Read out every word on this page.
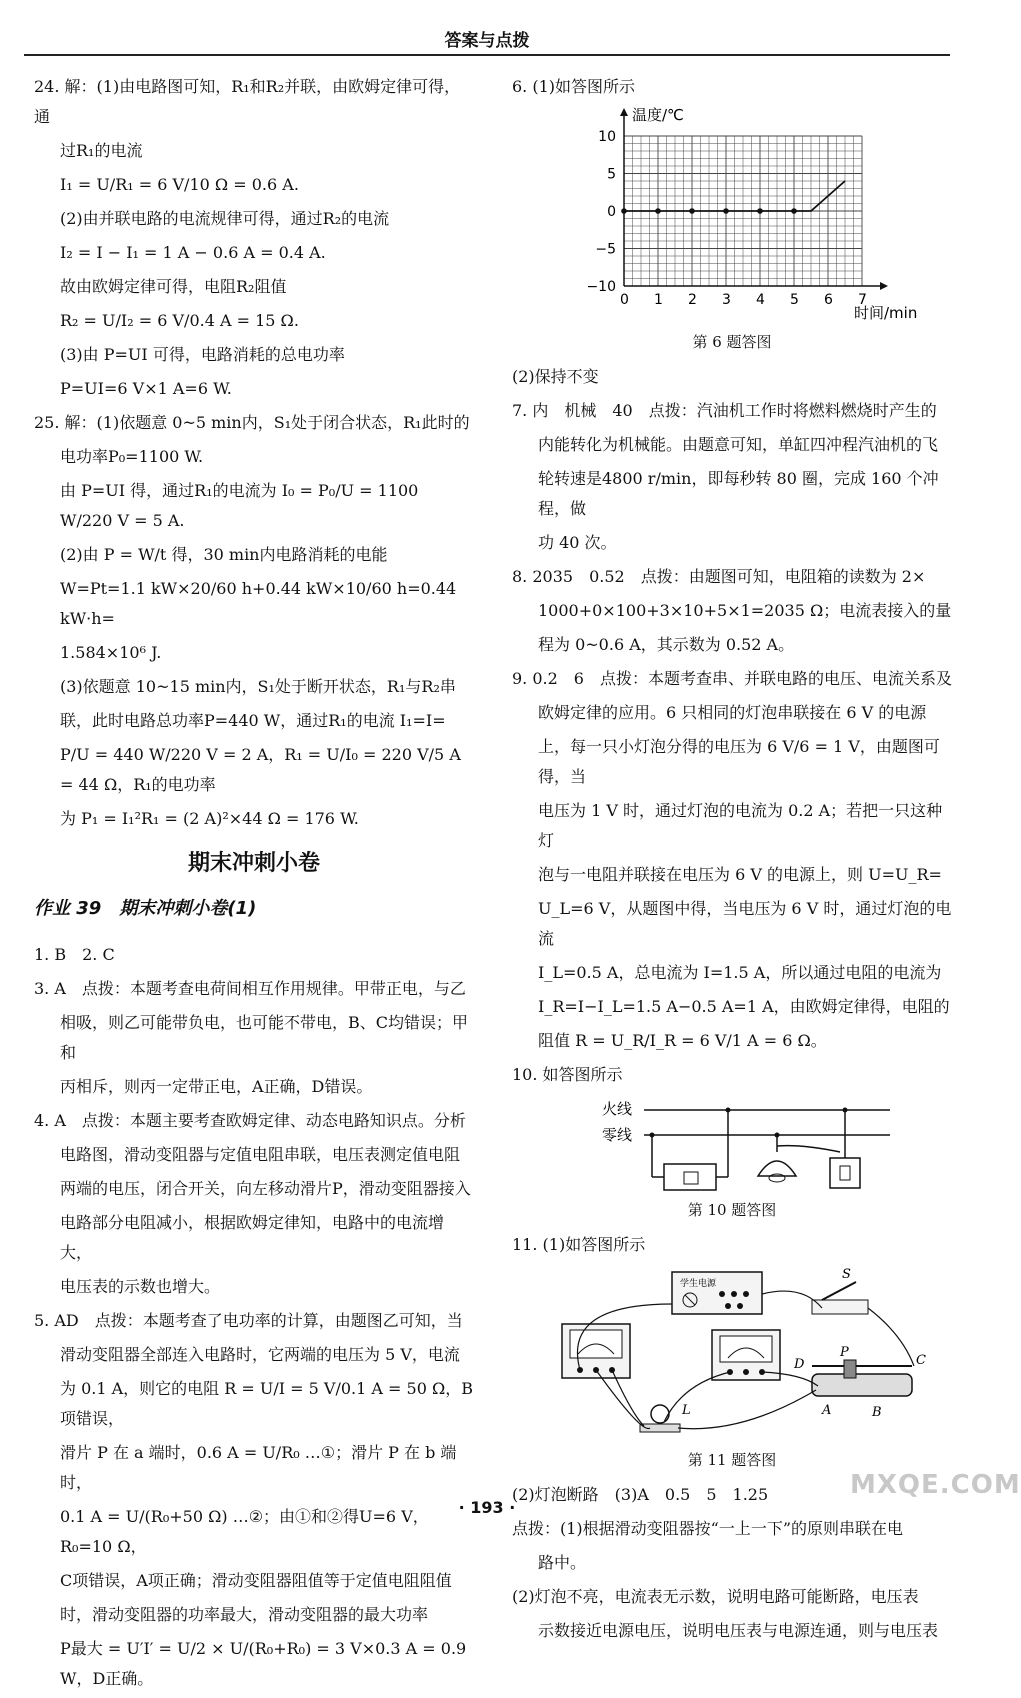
答案与点拨

24. 解：(1)由电路图可知，R₁和R₂并联，由欧姆定律可得，通

过R₁的电流

I₁ = U/R₁ = 6 V/10 Ω = 0.6 A.

(2)由并联电路的电流规律可得，通过R₂的电流

I₂ = I − I₁ = 1 A − 0.6 A = 0.4 A.

故由欧姆定律可得，电阻R₂阻值

R₂ = U/I₂ = 6 V/0.4 A = 15 Ω.

(3)由 P=UI 可得，电路消耗的总电功率

P=UI=6 V×1 A=6 W.

25. 解：(1)依题意 0~5 min内，S₁处于闭合状态，R₁此时的

电功率P₀=1100 W.

由 P=UI 得，通过R₁的电流为 I₀ = P₀/U = 1100 W/220 V = 5 A.

(2)由 P = W/t 得，30 min内电路消耗的电能

W=Pt=1.1 kW×20/60 h+0.44 kW×10/60 h=0.44 kW·h=

1.584×10⁶ J.

(3)依题意 10~15 min内，S₁处于断开状态，R₁与R₂串

联，此时电路总功率P=440 W，通过R₁的电流 I₁=I=

P/U = 440 W/220 V = 2 A，R₁ = U/I₀ = 220 V/5 A = 44 Ω，R₁的电功率

为 P₁ = I₁²R₁ = (2 A)²×44 Ω = 176 W.

期末冲刺小卷
作业 39　期末冲刺小卷(1)

1. B　2. C

3. A　点拨：本题考查电荷间相互作用规律。甲带正电，与乙

相吸，则乙可能带负电，也可能不带电，B、C均错误；甲和

丙相斥，则丙一定带正电，A正确，D错误。

4. A　点拨：本题主要考查欧姆定律、动态电路知识点。分析

电路图，滑动变阻器与定值电阻串联，电压表测定值电阻

两端的电压，闭合开关，向左移动滑片P，滑动变阻器接入

电路部分电阻减小，根据欧姆定律知，电路中的电流增大，

电压表的示数也增大。

5. AD　点拨：本题考查了电功率的计算，由题图乙可知，当

滑动变阻器全部连入电路时，它两端的电压为 5 V，电流

为 0.1 A，则它的电阻 R = U/I = 5 V/0.1 A = 50 Ω，B项错误，

滑片 P 在 a 端时，0.6 A = U/R₀ …①；滑片 P 在 b 端时，

0.1 A = U/(R₀+50 Ω) …②；由①和②得U=6 V，R₀=10 Ω，

C项错误，A项正确；滑动变阻器阻值等于定值电阻阻值

时，滑动变阻器的功率最大，滑动变阻器的最大功率

P最大 = U′I′ = U/2 × U/(R₀+R₀) = 3 V×0.3 A = 0.9 W，D正确。

6. (1)如答图所示

0 1 2 3 4 5 6 7
10
5
0
−5
−10
温度/℃
时间/min
第 6 题答图

(2)保持不变

7. 内　机械　40　点拨：汽油机工作时将燃料燃烧时产生的

内能转化为机械能。由题意可知，单缸四冲程汽油机的飞

轮转速是4800 r/min，即每秒转 80 圈，完成 160 个冲程，做

功 40 次。

8. 2035　0.52　点拨：由题图可知，电阻箱的读数为 2×

1000+0×100+3×10+5×1=2035 Ω；电流表接入的量

程为 0~0.6 A，其示数为 0.52 A。

9. 0.2　6　点拨：本题考查串、并联电路的电压、电流关系及

欧姆定律的应用。6 只相同的灯泡串联接在 6 V 的电源

上，每一只小灯泡分得的电压为 6 V/6 = 1 V，由题图可得，当

电压为 1 V 时，通过灯泡的电流为 0.2 A；若把一只这种灯

泡与一电阻并联接在电压为 6 V 的电源上，则 U=U_R=

U_L=6 V，从题图中得，当电压为 6 V 时，通过灯泡的电流

I_L=0.5 A，总电流为 I=1.5 A，所以通过电阻的电流为

I_R=I−I_L=1.5 A−0.5 A=1 A，由欧姆定律得，电阻的

阻值 R = U_R/I_R = 6 V/1 A = 6 Ω。

10. 如答图所示

火线
零线
第 10 题答图

11. (1)如答图所示

学生电源
S
P
C
D
A	B
L
第 11 题答图

(2)灯泡断路　(3)A　0.5　5　1.25

点拨：(1)根据滑动变阻器按“一上一下”的原则串联在电

路中。

(2)灯泡不亮，电流表无示数，说明电路可能断路，电压表

示数接近电源电压，说明电压表与电源连通，则与电压表

· 193 ·
MXQE.COM
